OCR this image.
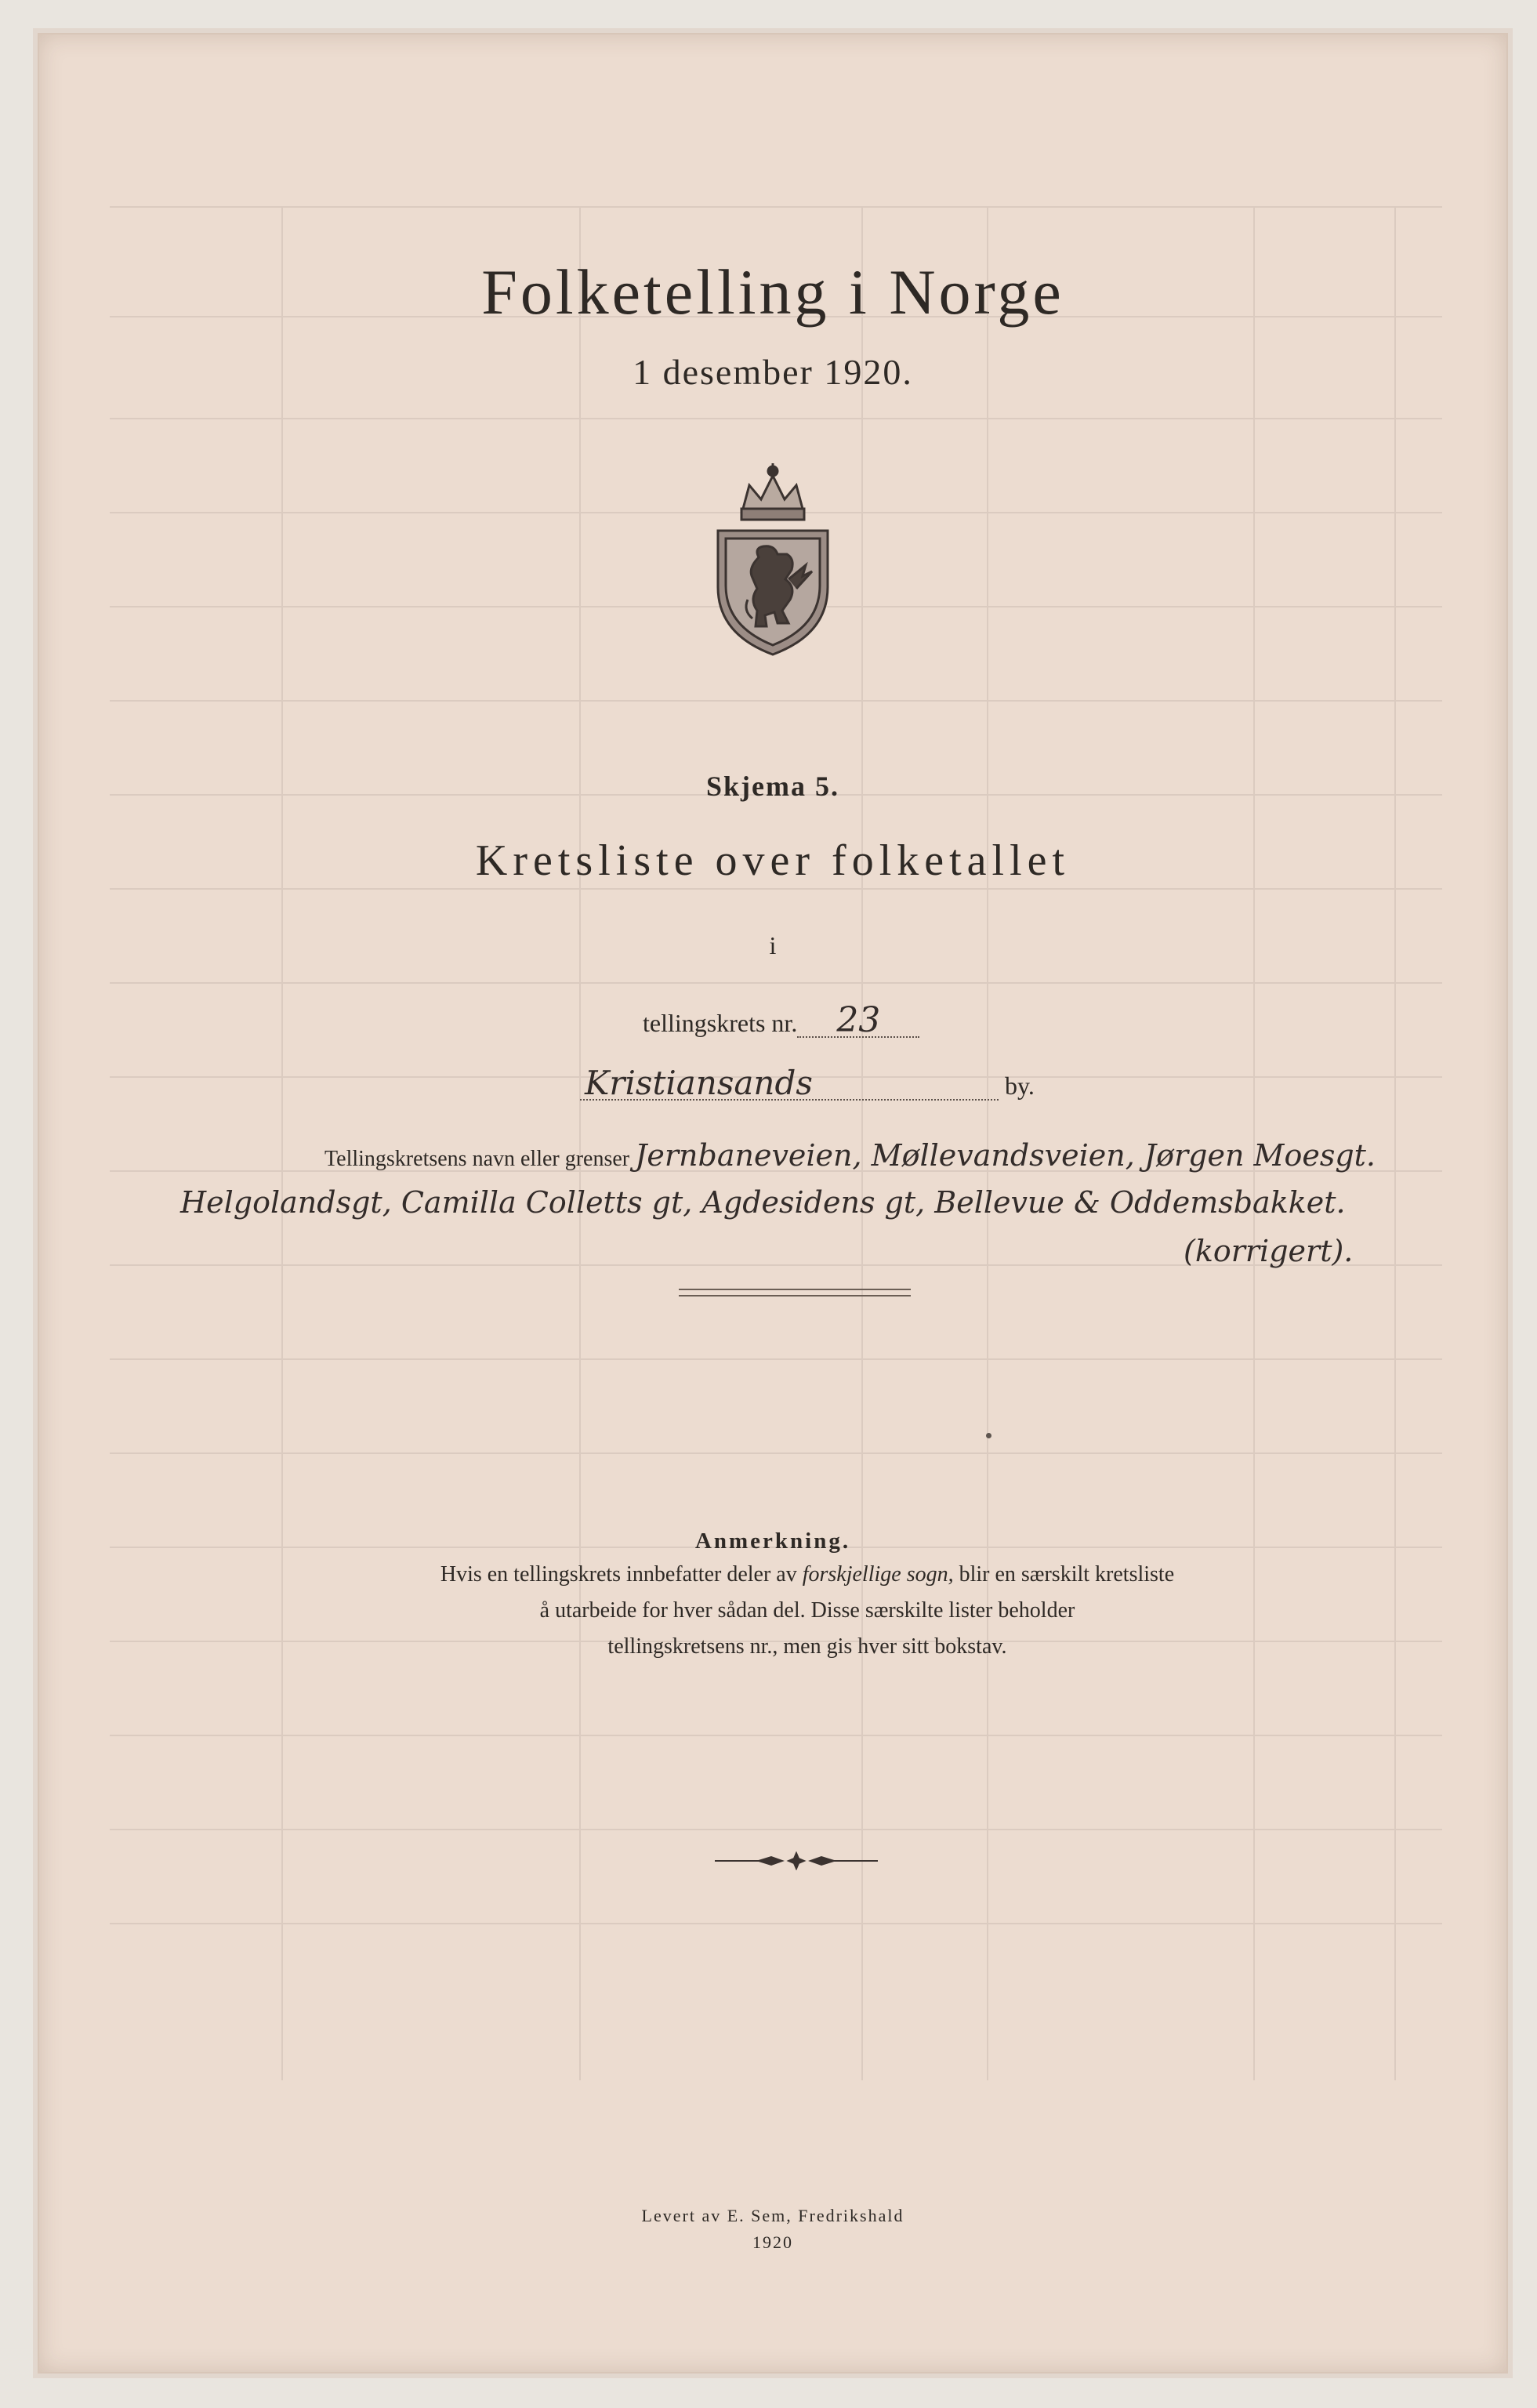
Folketelling i Norge
1 desember 1920.
Skjema 5.
Kretsliste over folketallet
i
tellingskrets nr. 23
Kristiansands	by.
Tellingskretsens navn eller grenser Jernbaneveien, Møllevandsveien, Jørgen Moesgt.
Helgolandsgt, Camilla Colletts gt, Agdesidens gt, Bellevue & Oddemsbakket.
(korrigert).
Anmerkning.
Hvis en tellingskrets innbefatter deler av forskjellige sogn, blir en særskilt kretsliste
å utarbeide for hver sådan del. Disse særskilte lister beholder
tellingskretsens nr., men gis hver sitt bokstav.
Levert av E. Sem, Fredrikshald
1920
